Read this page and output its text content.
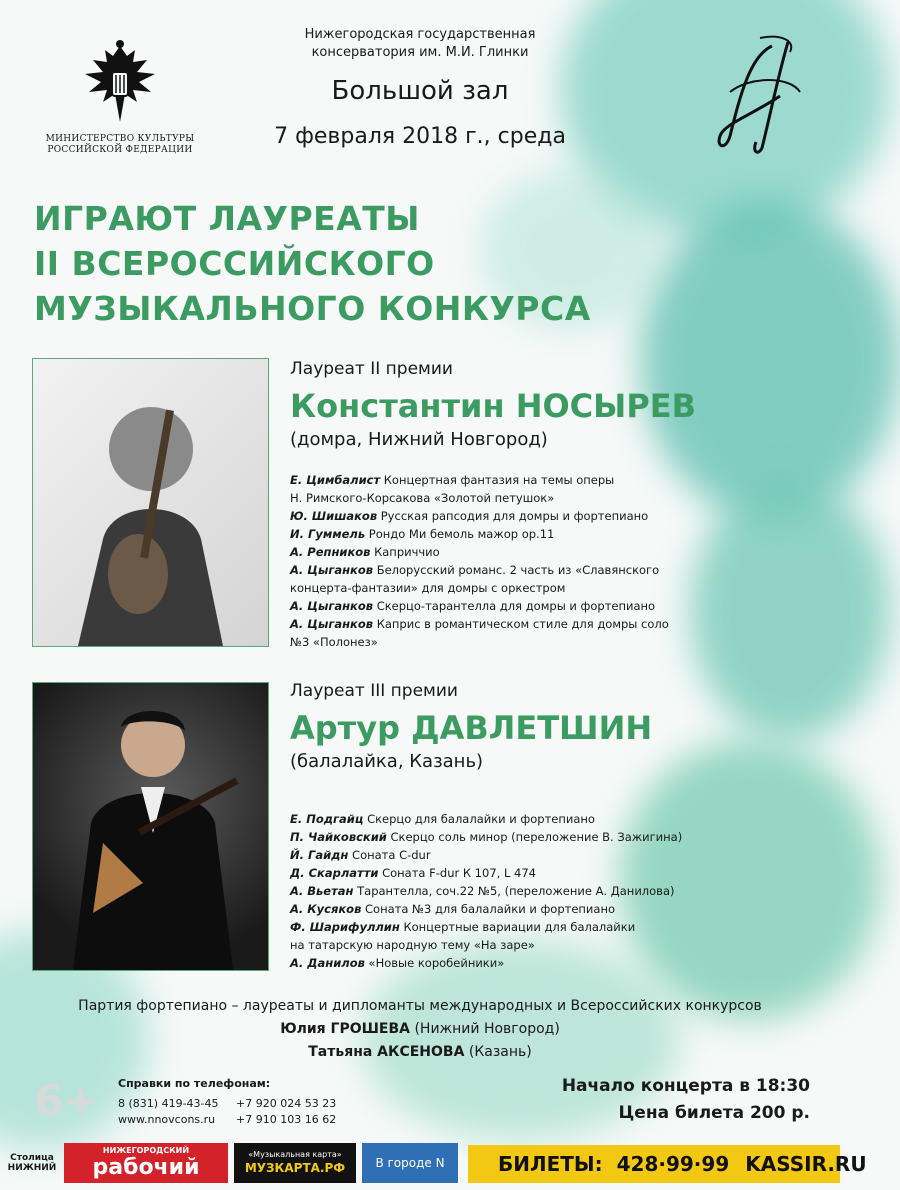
МИНИСТЕРСТВО КУЛЬТУРЫ
РОССИЙСКОЙ ФЕДЕРАЦИИ
Нижегородская государственная
консерватория им. М.И. Глинки
Большой зал
7 февраля 2018 г., среда
ИГРАЮТ ЛАУРЕАТЫ
II ВСЕРОССИЙСКОГО
МУЗЫКАЛЬНОГО КОНКУРСА
Лауреат II премии
Константин НОСЫРЕВ
(домра, Нижний Новгород)
Е. Цимбалист Концертная фантазия на темы оперы
Н. Римского-Корсакова «Золотой петушок»
Ю. Шишаков Русская рапсодия для домры и фортепиано
И. Гуммель Рондо Ми бемоль мажор ор.11
А. Репников Каприччио
А. Цыганков Белорусский романс. 2 часть из «Славянского
концерта-фантазии» для домры с оркестром
А. Цыганков Скерцо-тарантелла для домры и фортепиано
А. Цыганков Каприс в романтическом стиле для домры соло
№3 «Полонез»
Лауреат III премии
Артур ДАВЛЕТШИН
(балалайка, Казань)
Е. Подгайц Скерцо для балалайки и фортепиано
П. Чайковский Скерцо соль минор (переложение В. Зажигина)
Й. Гайдн Соната C-dur
Д. Скарлатти Соната F-dur К 107, L 474
А. Вьетан Тарантелла, соч.22 №5, (переложение А. Данилова)
А. Кусяков Соната №3 для балалайки и фортепиано
Ф. Шарифуллин Концертные вариации для балалайки
на татарскую народную тему «На заре»
А. Данилов «Новые коробейники»
Партия фортепиано – лауреаты и дипломанты международных и Всероссийских конкурсов
Юлия ГРОШЕВА (Нижний Новгород)
Татьяна АКСЕНОВА (Казань)
6+ Справки по телефонам:
8 (831) 419-43-45	+7 920 024 53 23
www.nnovcons.ru	+7 910 103 16 62
Начало концерта в 18:30
Цена билета 200 р.
Столица
НИЖНИЙ
НИЖЕГОРОДСКИЙ
рабочий
«Музыкальная карта»
МУЗКАРТА.РФ	В городе N	БИЛЕТЫ: 428·99·99 KASSIR.RU
